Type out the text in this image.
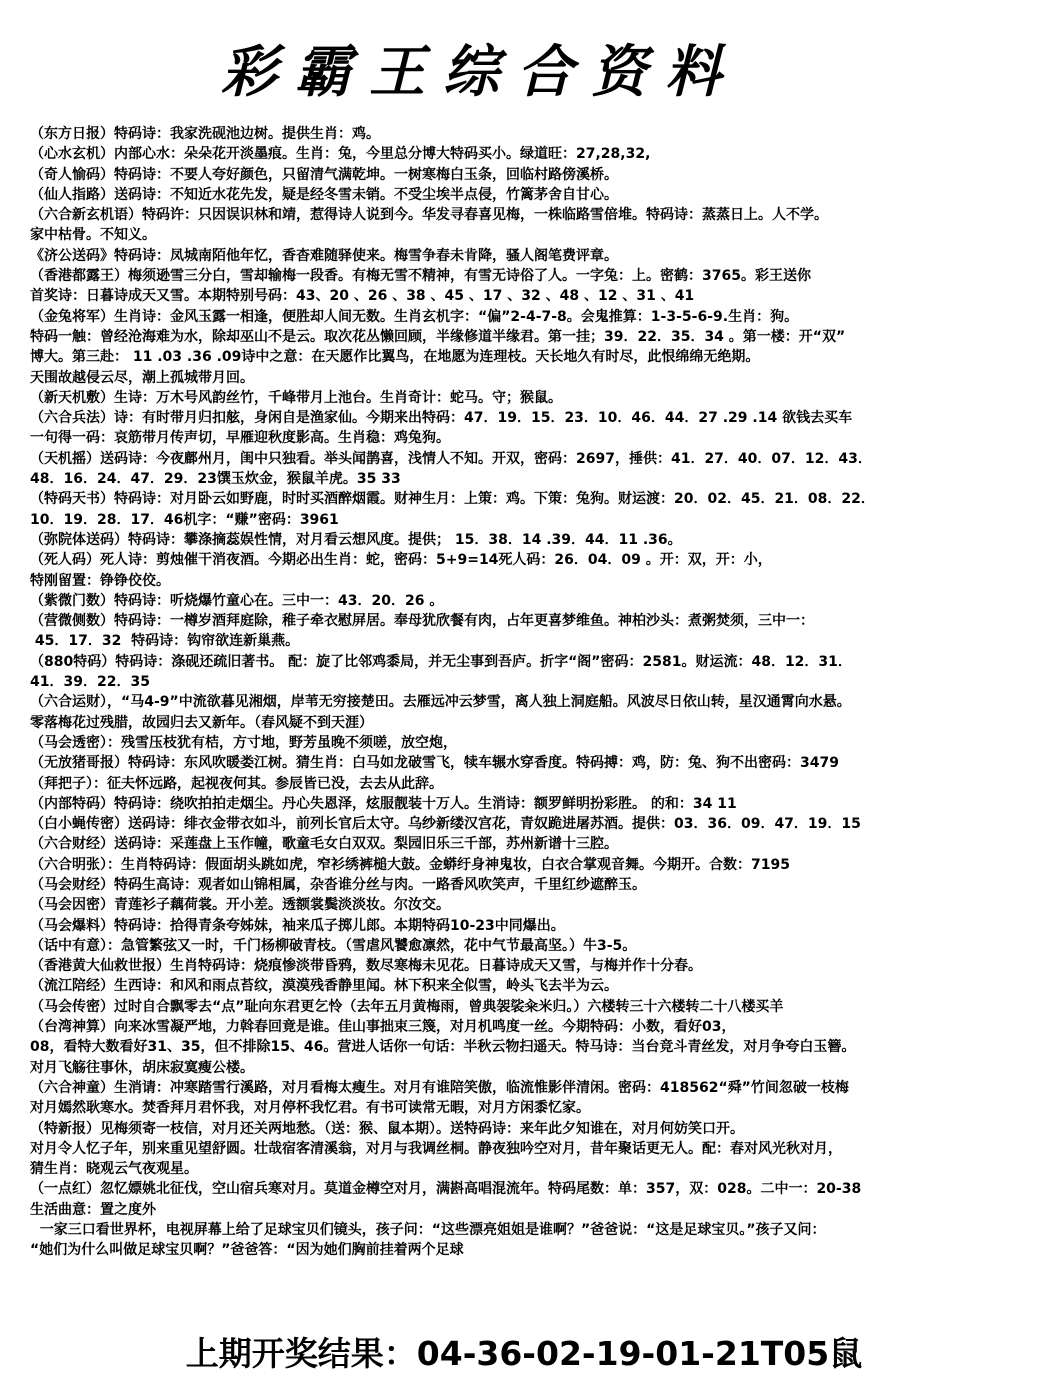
彩霸王综合资料
（东方日报）特码诗：我家洗砚池边树。提供生肖：鸡。
（心水玄机）内部心水：朵朵花开淡墨痕。生肖：兔，今里总分博大特码买小。绿道旺：27,28,32,
（奇人愉码）特码诗：不要人夸好颜色，只留清气满乾坤。一树寒梅白玉条，回临村路傍溪桥。
（仙人指路）送码诗：不知近水花先发，疑是经冬雪未销。不受尘埃半点侵，竹篱茅舍自甘心。
（六合新玄机语）特码许：只因误识林和靖，惹得诗人说到今。华发寻春喜见梅，一株临路雪倍堆。特码诗：蒸蒸日上。人不学。
家中枯骨。不知义。
《济公送码》特码诗：凤城南陌他年忆，香杳难随驿使来。梅雪争春未肯降，骚人阁笔费评章。
（香港都露王）梅须逊雪三分白，雪却输梅一段香。有梅无雪不精神，有雪无诗俗了人。一字兔：上。密鹤：3765。彩王送你
首奖诗：日暮诗成天又雪。本期特别号码：43、20 、26 、38 、45 、17 、32 、48 、12 、31 、41
（金兔将军）生肖诗：金风玉露一相逢，便胜却人间无数。生肖玄机字：“偏”2-4-7-8。会鬼推算：1-3-5-6-9.生肖：狗。
特码一触：曾经沧海难为水，除却巫山不是云。取次花丛懒回顾，半缘修道半缘君。第一挂；39．22．35．34 。第一楼：开“双”
博大。第三赴： 11 .03 .36 .09诗中之意：在天愿作比翼鸟，在地愿为连理枝。天长地久有时尽，此恨绵绵无绝期。
天围故越侵云尽，潮上孤城带月回。
（新天机敷）生诗：万木号风韵丝竹，千峰带月上池台。生肖奇计：蛇马。守；猴鼠。
（六合兵法）诗：有时带月归扣舷，身闲自是渔家仙。今期来出特码：47．19．15．23．10．46．44．27 .29 .14 欲钱去买车
一句得一码：哀筋带月传声切，早雁迎秋度影高。生肖稳：鸡兔狗。
（天机摇）送码诗：今夜鄜州月，闺中只独看。举头闻鹊喜，浅情人不知。开双，密码：2697，捶供：41．27．40．07．12．43．
48．16．24．47．29．23馔玉炊金，猴鼠羊虎。35 33
（特码天书）特码诗：对月卧云如野鹿，时时买酒醉烟霞。财神生月：上策：鸡。下策：兔狗。财运渡：20．02．45．21．08．22．
10．19．28．17．46机字：“赚”密码：3961
（弥院体送码）特码诗：攀涤摘蕊娱性情，对月看云想风度。提供； 15．38．14 .39．44．11 .36。
（死人码）死人诗：剪烛催干消夜酒。今期必出生肖：蛇，密码：5+9=14死人码：26．04．09 。开：双，开：小，
特刚留置：铮铮佼佼。
（紫微门数）特码诗：听烧爆竹童心在。三中一：43．20．26 。
（营微侧数）特码诗：一樽岁酒拜庭除，稚子牵衣慰屏居。奉母犹欣餐有肉，占年更喜梦维鱼。神柏沙头：煮粥焚须，三中一：
45．17．32  特码诗：钩帘欲连新巢燕。
（880特码）特码诗：涤砚还疏旧著书。 配：旋了比邻鸡黍局，并无尘事到吾庐。折字“阁”密码：2581。财运流：48．12．31．
41．39．22．35
（六合运财），“马4-9”中流欲暮见湘烟，岸苇无穷接楚田。去雁远冲云梦雪，离人独上洞庭船。风波尽日依山转，星汉通霄向水悬。
零落梅花过残腊，故园归去又新年。（春风疑不到天涯）
（马会透密）：残雪压枝犹有桔，方寸地，野芳虽晚不须嗟，放空炮，
（无放猪哥报）特码诗：东风吹暖娄江树。猜生肖：白马如龙破雪飞，犊车辗水穿香度。特码搏：鸡，防：兔、狗不出密码：3479
（拜把子）：征夫怀远路，起视夜何其。参辰皆已没，去去从此辞。
（内部特码）特码诗：绕吹拍拍走烟尘。丹心失恩泽，炫服靓装十万人。生消诗：额罗鲜明扮彩胜。 的和：34 11
（白小蝇传密）送码诗：绯衣金带衣如斗，前列长官后太守。乌纱新缕汉宫花，青奴跪进屠苏酒。提供：03．36．09．47．19．15
（六合财经）送码诗：采莲盘上玉作幢，歌童毛女白双双。梨园旧乐三千部，苏州新谱十三腔。
（六合明张）：生肖特码诗：假面胡头跳如虎，窄衫绣裤槌大鼓。金蟒纡身神鬼妆，白衣合掌观音舞。今期开。合数：7195
（马会财经）特码生高诗：观者如山锦相属，杂沓谁分丝与肉。一路香风吹笑声，千里红纱遮醉玉。
（马会因密）青莲衫子藕荷裳。开小差。透额裳鬓淡淡妆。尔汝交。
（马会爆料）特码诗：拾得青条夸姊妹，袖来瓜子掷儿郎。本期特码10-23中同爆出。
（话中有意）：急管繁弦又一时，千门杨柳破青枝。（雪虐风饕愈凛然，花中气节最高坚。）牛3-5。
（香港黄大仙救世报）生肖特码诗：烧痕惨淡带昏鸦，数尽寒梅未见花。日暮诗成天又雪，与梅并作十分春。
（流江陪经）生西诗：和风和雨点苔纹，漠漠残香静里闻。林下积来全似雪，岭头飞去半为云。
（马会传密）过时自合飘零去“点”耻向东君更乞怜（去年五月黄梅雨，曾典袈裟籴米归。）六楼转三十六楼转二十八楼买羊
（台湾神算）向来冰雪凝严地，力斡春回竟是谁。佳山事拙束三篾，对月机鸣度一丝。今期特码：小数，看好03，
08，看特大数看好31、35，但不排除15、46。营进人话你一句话：半秋云物扫遥天。特马诗：当台竞斗青丝发，对月争夸白玉簪。
对月飞觞往事休，胡床寂寞瘦公楼。
（六合神童）生消请：冲寒踏雪行溪路，对月看梅太瘦生。对月有谁陪笑傲，临流惟影伴清闲。密码：418562“舜”竹间忽破一枝梅
对月嫣然耿寒水。焚香拜月君怀我，对月停杯我忆君。有书可读常无暇，对月方闲黍忆家。
（特新报）见梅须寄一枝信，对月还关两地愁。（送：猴、鼠本期）。送特码诗：来年此夕知谁在，对月何妨笑口开。
对月令人忆子年，别来重见望舒圆。壮哉宿客清溪翁，对月与我调丝桐。静夜独吟空对月，昔年聚话更无人。配：春对风光秋对月，
猜生肖：晓观云气夜观星。
（一点红）忽忆嫖姚北征伐，空山宿兵寒对月。莫道金樽空对月，满斟高唱混流年。特码尾数：单：357，双：028。二中一：20-38
生活曲意：置之度外
一家三口看世界杯，电视屏幕上给了足球宝贝们镜头，孩子问：“这些漂亮姐姐是谁啊？”爸爸说：“这是足球宝贝。”孩子又问：
“她们为什么叫做足球宝贝啊？”爸爸答：“因为她们胸前挂着两个足球
上期开奖结果：04-36-02-19-01-21T05鼠
